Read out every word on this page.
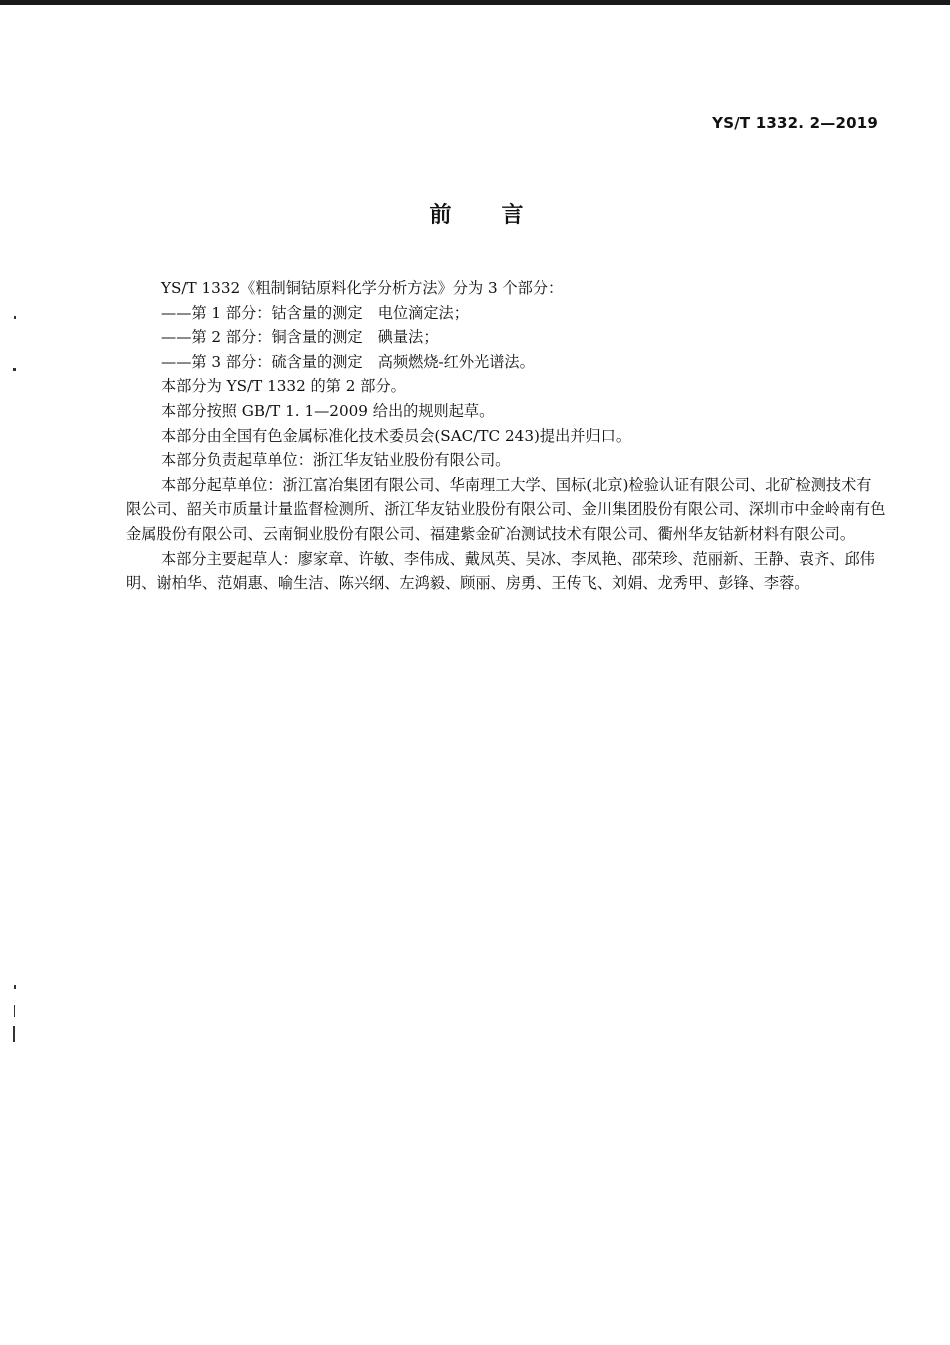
YS/T 1332. 2—2019
前言

YS/T 1332《粗制铜钴原料化学分析方法》分为 3 个部分：

——第 1 部分：钴含量的测定　电位滴定法；

——第 2 部分：铜含量的测定　碘量法；

——第 3 部分：硫含量的测定　高频燃烧-红外光谱法。

本部分为 YS/T 1332 的第 2 部分。

本部分按照 GB/T 1. 1—2009 给出的规则起草。

本部分由全国有色金属标准化技术委员会(SAC/TC 243)提出并归口。

本部分负责起草单位：浙江华友钴业股份有限公司。

本部分起草单位：浙江富冶集团有限公司、华南理工大学、国标(北京)检验认证有限公司、北矿检测技术有限公司、韶关市质量计量监督检测所、浙江华友钴业股份有限公司、金川集团股份有限公司、深圳市中金岭南有色金属股份有限公司、云南铜业股份有限公司、福建紫金矿冶测试技术有限公司、衢州华友钴新材料有限公司。

本部分主要起草人：廖家章、许敏、李伟成、戴凤英、吴冰、李凤艳、邵荣珍、范丽新、王静、袁齐、邱伟明、谢柏华、范娟惠、喻生洁、陈兴纲、左鸿毅、顾丽、房勇、王传飞、刘娟、龙秀甲、彭锋、李蓉。
